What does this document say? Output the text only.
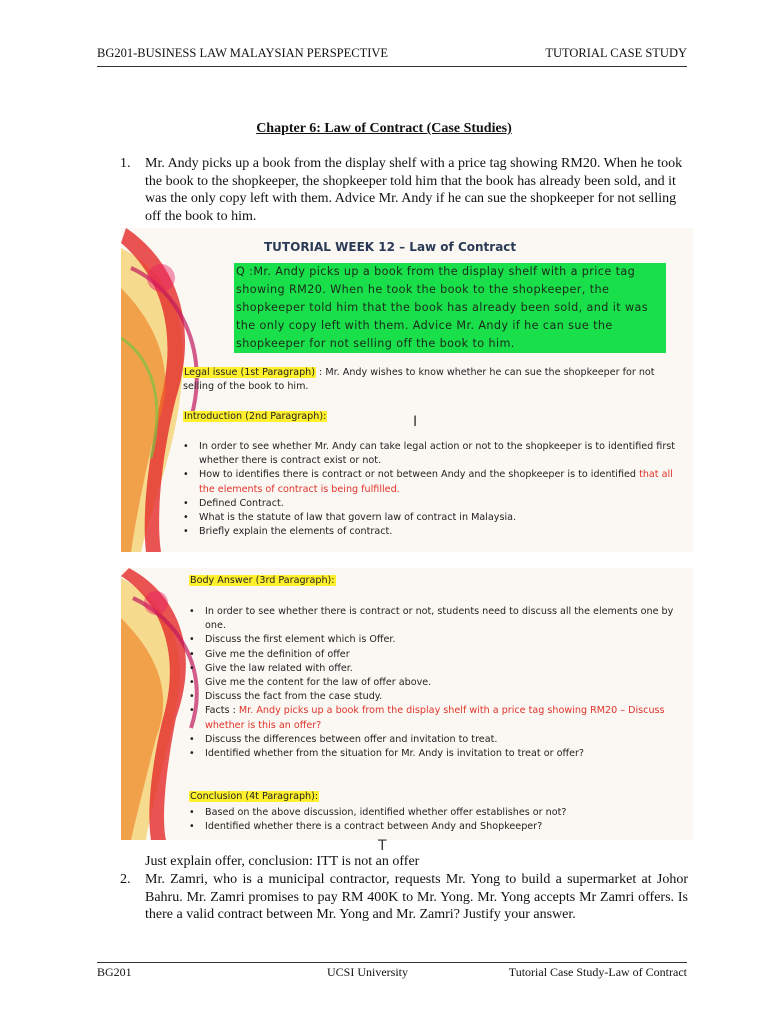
BG201-BUSINESS LAW MALAYSIAN PERSPECTIVE	TUTORIAL CASE STUDY
Chapter 6: Law of Contract (Case Studies)
1. Mr. Andy picks up a book from the display shelf with a price tag showing RM20. When he took the book to the shopkeeper, the shopkeeper told him that the book has already been sold, and it was the only copy left with them. Advice Mr. Andy if he can sue the shopkeeper for not selling off the book to him.
TUTORIAL WEEK 12 – Law of Contract
Q :Mr. Andy picks up a book from the display shelf with a price tag showing RM20. When he took the book to the shopkeeper, the shopkeeper told him that the book has already been sold, and it was the only copy left with them. Advice Mr. Andy if he can sue the shopkeeper for not selling off the book to him.
Legal issue (1st Paragraph) : Mr. Andy wishes to know whether he can sue the shopkeeper for not selling of the book to him.
Introduction (2nd Paragraph):	I
• In order to see whether Mr. Andy can take legal action or not to the shopkeeper is to identified first whether there is contract exist or not.
• How to identifies there is contract or not between Andy and the shopkeeper is to identified that all the elements of contract is being fulfilled.
• Defined Contract.
• What is the statute of law that govern law of contract in Malaysia.
• Briefly explain the elements of contract.
Body Answer (3rd Paragraph):
• In order to see whether there is contract or not, students need to discuss all the elements one by one.
• Discuss the first element which is Offer.
• Give me the definition of offer
• Give the law related with offer.
• Give me the content for the law of offer above.
• Discuss the fact from the case study.
• Facts : Mr. Andy picks up a book from the display shelf with a price tag showing RM20 – Discuss whether is this an offer?
• Discuss the differences between offer and invitation to treat.
• Identified whether from the situation for Mr. Andy is invitation to treat or offer?
Conclusion (4t Paragraph):
• Based on the above discussion, identified whether offer establishes or not?
• Identified whether there is a contract between Andy and Shopkeeper?
T
Just explain offer, conclusion: ITT is not an offer
2. Mr. Zamri, who is a municipal contractor, requests Mr. Yong to build a supermarket at Johor Bahru. Mr. Zamri promises to pay RM 400K to Mr. Yong. Mr. Yong accepts Mr Zamri offers. Is there a valid contract between Mr. Yong and Mr. Zamri? Justify your answer.
BG201	UCSI University	Tutorial Case Study-Law of Contract
